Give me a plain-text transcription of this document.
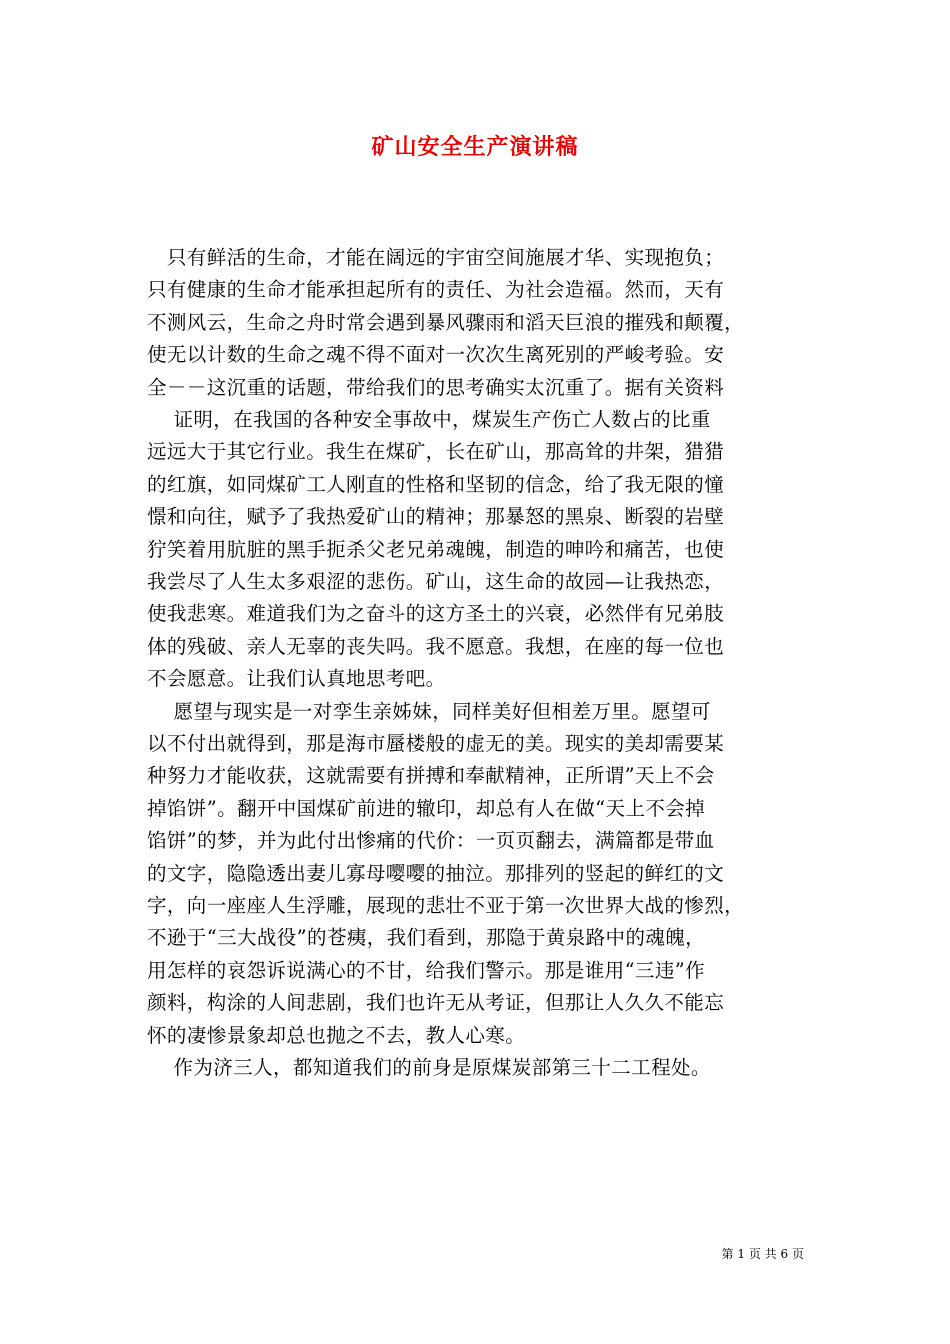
矿山安全生产演讲稿
　只有鲜活的生命，才能在阔远的宇宙空间施展才华、实现抱负；
只有健康的生命才能承担起所有的责任、为社会造福。然而，天有
不测风云，生命之舟时常会遇到暴风骤雨和滔天巨浪的摧残和颠覆，
使无以计数的生命之魂不得不面对一次次生离死别的严峻考验。安
全－－这沉重的话题，带给我们的思考确实太沉重了。据有关资料
　 证明，在我国的各种安全事故中，煤炭生产伤亡人数占的比重
远远大于其它行业。我生在煤矿，长在矿山，那高耸的井架，猎猎
的红旗，如同煤矿工人刚直的性格和坚韧的信念，给了我无限的憧
憬和向往，赋予了我热爱矿山的精神；那暴怒的黑泉、断裂的岩壁
狞笑着用肮脏的黑手扼杀父老兄弟魂魄，制造的呻吟和痛苦，也使
我尝尽了人生太多艰涩的悲伤。矿山，这生命的故园—让我热恋，
使我悲寒。难道我们为之奋斗的这方圣土的兴衰，必然伴有兄弟肢
体的残破、亲人无辜的丧失吗。我不愿意。我想，在座的每一位也
不会愿意。让我们认真地思考吧。
　 愿望与现实是一对孪生亲姊妹，同样美好但相差万里。愿望可
以不付出就得到，那是海市蜃楼般的虚无的美。现实的美却需要某
种努力才能收获，这就需要有拼搏和奉献精神，正所谓”天上不会
掉馅饼”。翻开中国煤矿前进的辙印，却总有人在做“天上不会掉
馅饼”的梦，并为此付出惨痛的代价：一页页翻去，满篇都是带血
的文字，隐隐透出妻儿寡母嘤嘤的抽泣。那排列的竖起的鲜红的文
字，向一座座人生浮雕，展现的悲壮不亚于第一次世界大战的惨烈，
不逊于“三大战役”的苍痍，我们看到，那隐于黄泉路中的魂魄，
用怎样的哀怨诉说满心的不甘，给我们警示。那是谁用“三违”作
颜料，构涂的人间悲剧，我们也许无从考证，但那让人久久不能忘
怀的凄惨景象却总也抛之不去，教人心寒。
　 作为济三人，都知道我们的前身是原煤炭部第三十二工程处。
第 1 页 共 6 页
